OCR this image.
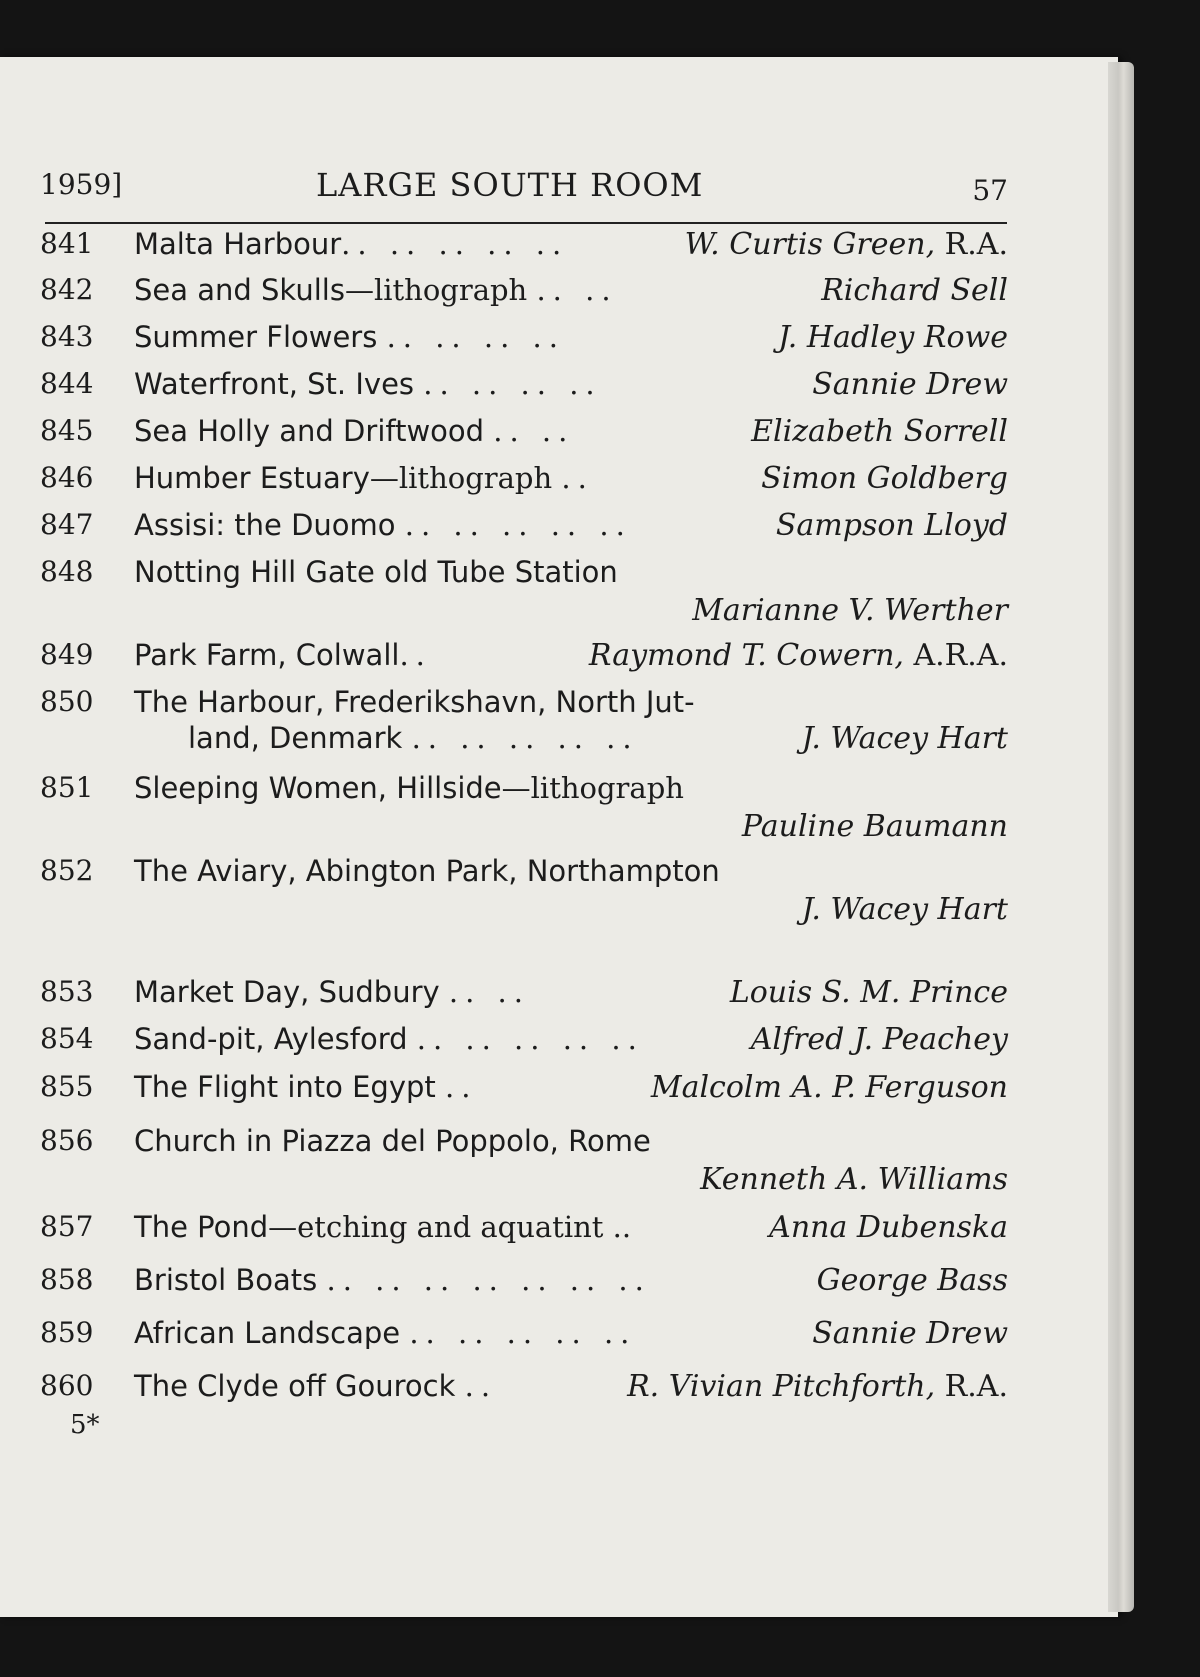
1959]	LARGE SOUTH ROOM	57
841 Malta Harbour.. .. .. .. ..	W. Curtis Green, R.A.
842 Sea and Skulls—lithograph .. ..	Richard Sell
843 Summer Flowers .. .. .. ..	J. Hadley Rowe
844 Waterfront, St. Ives .. .. .. ..	Sannie Drew
845 Sea Holly and Driftwood .. ..	Elizabeth Sorrell
846 Humber Estuary—lithograph ..	Simon Goldberg
847 Assisi: the Duomo .. .. .. .. ..	Sampson Lloyd
848 Notting Hill Gate old Tube Station
Marianne V. Werther
849 Park Farm, Colwall..	Raymond T. Cowern, A.R.A.
850 The Harbour, Frederikshavn, North Jut-
land, Denmark .. .. .. .. ..	J. Wacey Hart
851 Sleeping Women, Hillside—lithograph
Pauline Baumann
852 The Aviary, Abington Park, Northampton
J. Wacey Hart
853 Market Day, Sudbury .. ..	Louis S. M. Prince
854 Sand-pit, Aylesford .. .. .. .. ..	Alfred J. Peachey
855 The Flight into Egypt ..	Malcolm A. P. Ferguson
856 Church in Piazza del Poppolo, Rome
Kenneth A. Williams
857 The Pond—etching and aquatint ..	Anna Dubenska
858 Bristol Boats .. .. .. .. .. .. ..	George Bass
859 African Landscape .. .. .. .. ..	Sannie Drew
860 The Clyde off Gourock ..	R. Vivian Pitchforth, R.A.
5*
